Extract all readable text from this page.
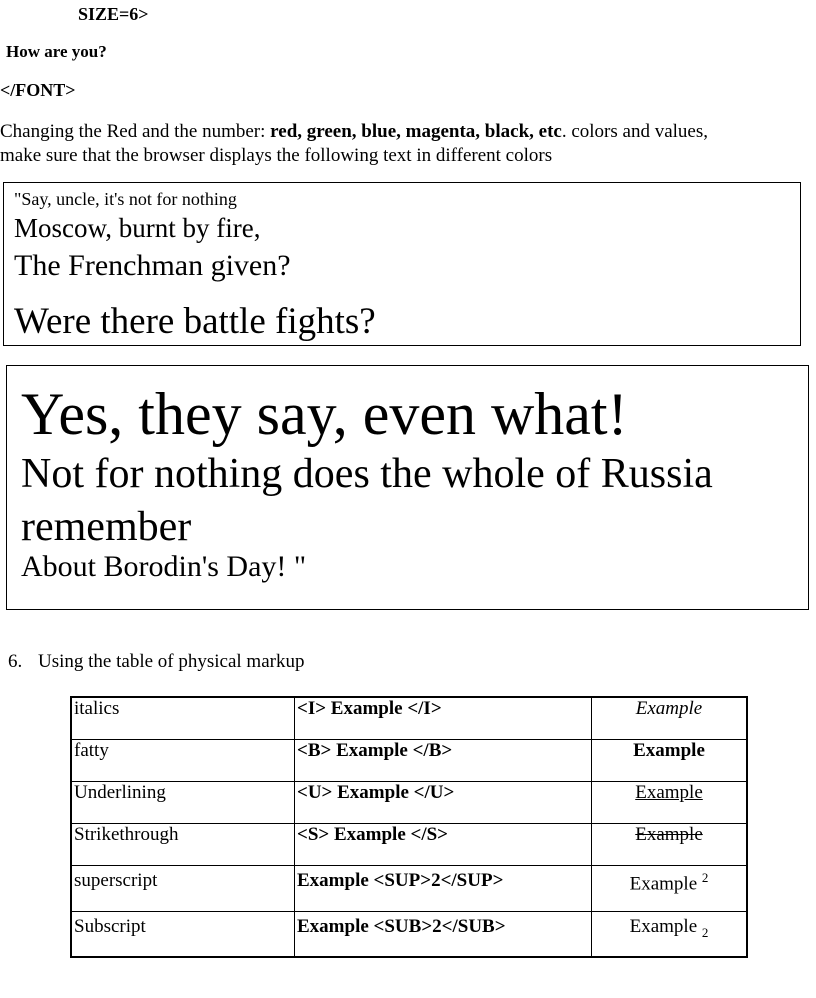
SIZE=6>
How are you?
</FONT>
Changing the Red and the number: red, green, blue, magenta, black, etc. colors and values,
make sure that the browser displays the following text in different colors
"Say, uncle, it's not for nothing
Moscow, burnt by fire,
The Frenchman given?
Were there battle fights?
Yes, they say, even what!
Not for nothing does the whole of Russia
remember
About Borodin's Day! "
6. Using the table of physical markup
italics	<I> Example </I>	Example
fatty	<B> Example </B>	Example
Underlining	<U> Example </U>	Example
Strikethrough	<S> Example </S>	Example
superscript	Example <SUP>2</SUP>	Example $^2$
Subscript	Example <SUB>2</SUB>	Example $_2$
